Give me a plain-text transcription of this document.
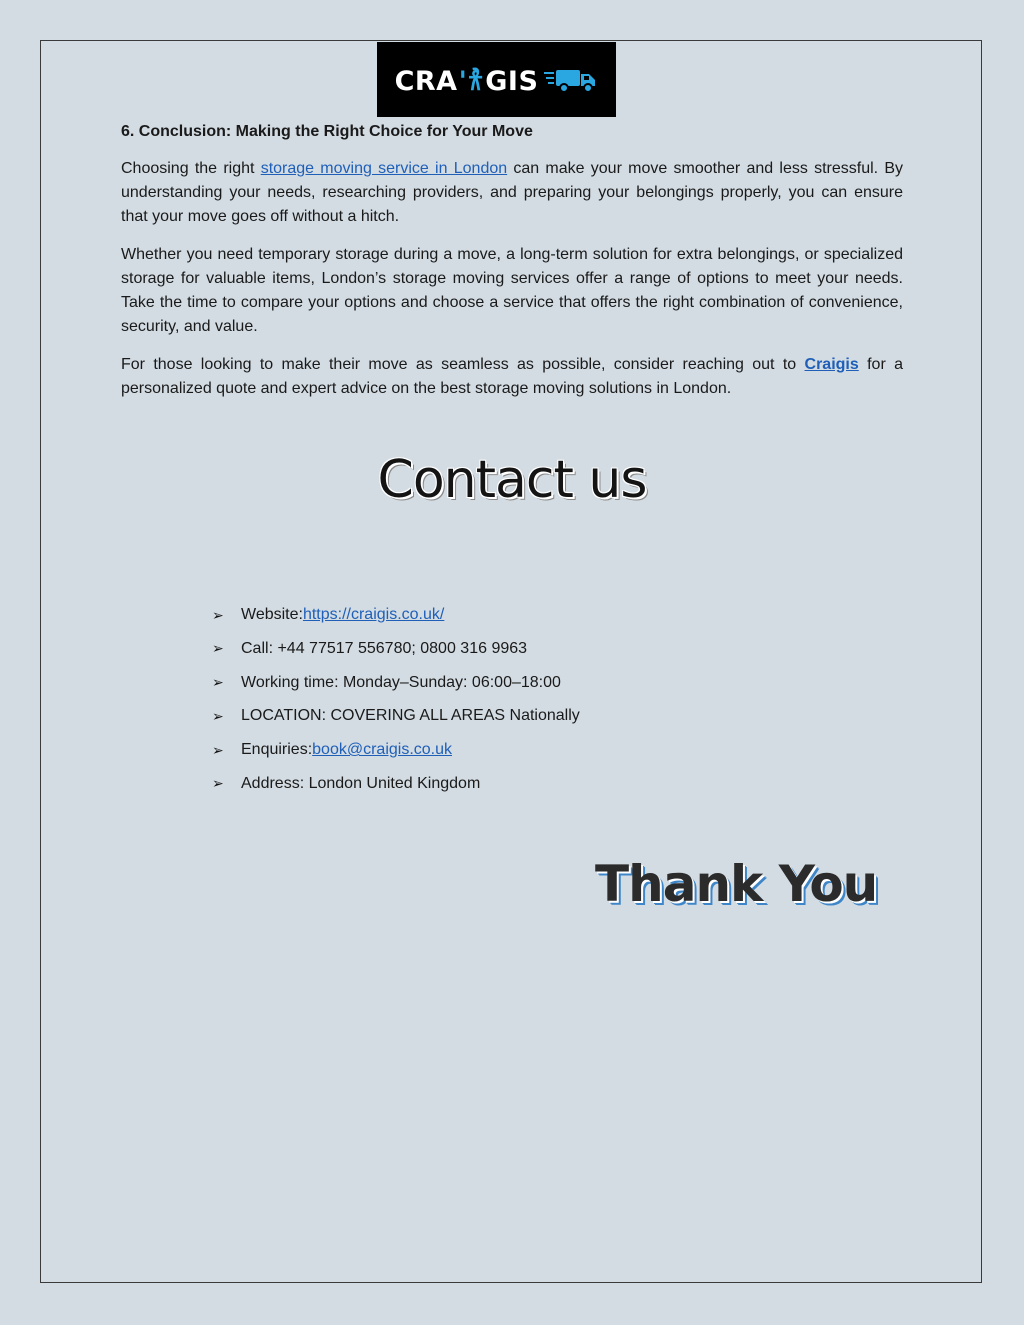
CRAꞌ𐀪GIS

6. Conclusion: Making the Right Choice for Your Move

Choosing the right storage moving service in London can make your move smoother and less stressful. By understanding your needs, researching providers, and preparing your belongings properly, you can ensure that your move goes off without a hitch.

Whether you need temporary storage during a move, a long-term solution for extra belongings, or specialized storage for valuable items, London’s storage moving services offer a range of options to meet your needs. Take the time to compare your options and choose a service that offers the right combination of convenience, security, and value.

For those looking to make their move as seamless as possible, consider reaching out to Craigis for a personalized quote and expert advice on the best storage moving solutions in London.

Contact us
➢	Website: https://craigis.co.uk/
➢	Call: +44 77517 556780; 0800 316 9963
➢	Working time: Monday–Sunday: 06:00–18:00
➢	LOCATION: COVERING ALL AREAS Nationally
➢	Enquiries: book@craigis.co.uk
➢	Address: London United Kingdom
Thank You
